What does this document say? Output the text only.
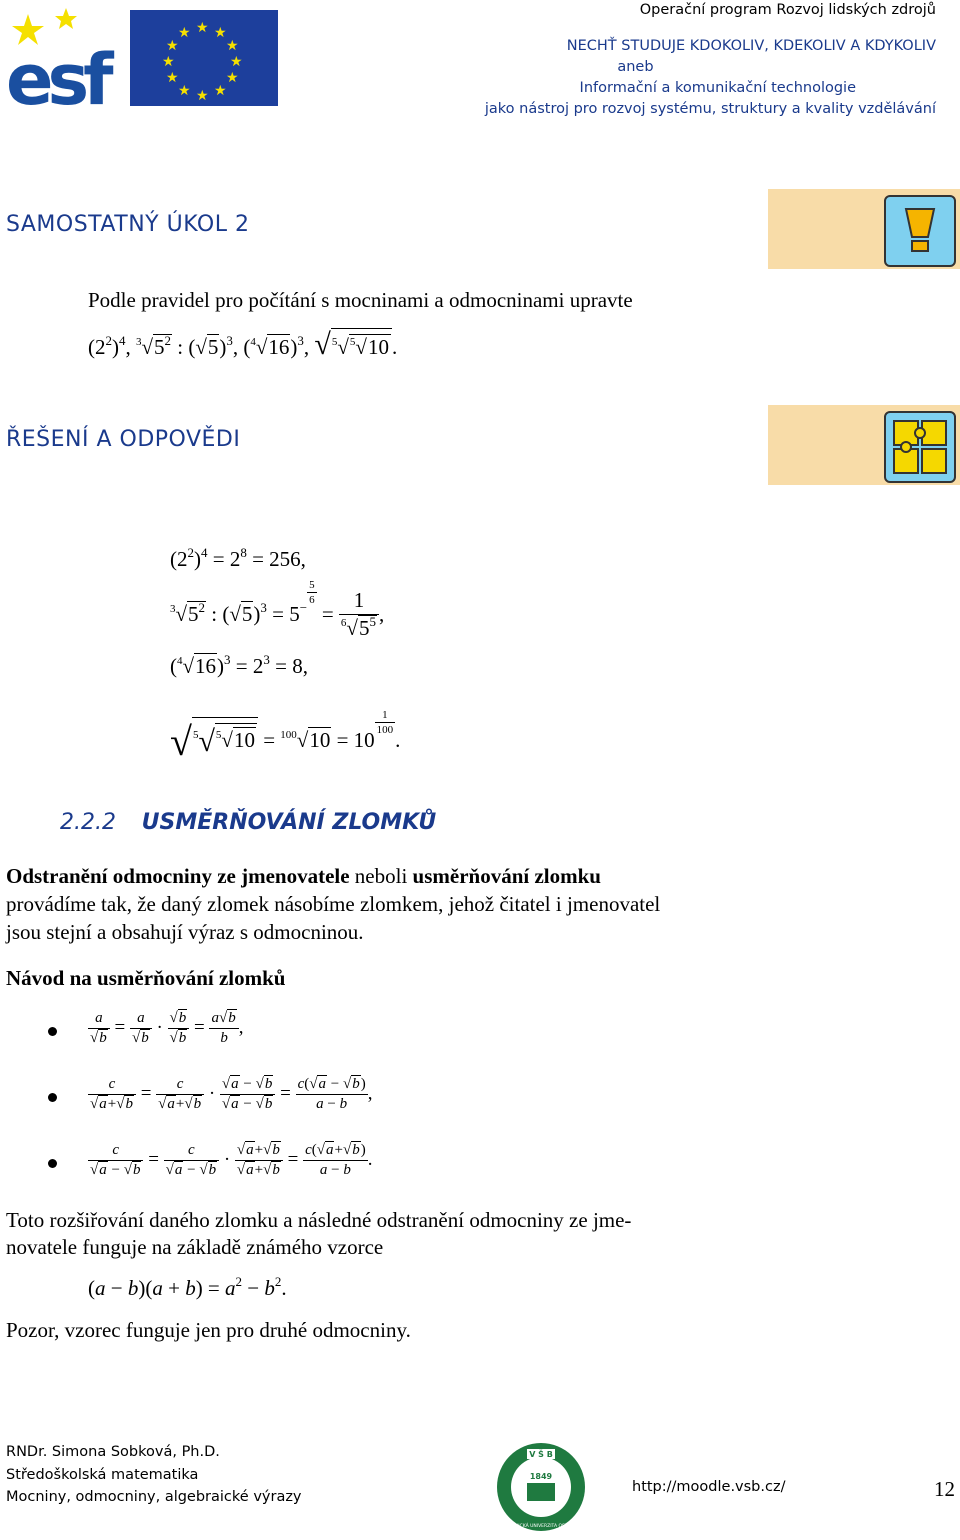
esf
★ ★
★
★
★
★
★
★
★
★
★
★
Operační program Rozvoj lidských zdrojů
NECHŤ STUDUJE KDOKOLIV, KDEKOLIV A KDYKOLIV
aneb
Informační a komunikační technologie
jako nástroj pro rozvoj systému, struktury a kvality vzdělávání
SAMOSTATNÝ ÚKOL 2
Podle pravidel pro počítání s mocninami a odmocninami upravte
$(2^2)^4$, $^3√5^2$ : $(√5)^3$, $(^4√16)^3$, √$^5$√$^5$√10 .
ŘEŠENÍ A ODPOVĚDI
$(2^2)^4 = 2^8 = 256$,
$^3√5^2$ : $(√5)^3 = 5^{- \frac{5}{6}}$
= $\frac{1}{^6√5^5}$ ,
$(^4√16)^3 = 2^3 = 8$,
√$^5$√$^5$√10 = $^{100}$√10 = 10
$^{\frac{1}{100}}$
.
2.2.2 USMĚRŇOVÁNÍ ZLOMKŮ
Odstranění odmocniny ze jmenovatele neboli usměrňování zlomku
provádíme tak, že daný zlomek násobíme zlomkem, jehož čitatel i jmenovatel
jsou stejní a obsahují výraz s odmocninou.
Návod na usměrňování zlomků
$\frac{a}{√b} = \frac{a}{√b} \cdot \frac{√b}{√b} = \frac{a√b}{b}$ ,
$\frac{c}{√a+√b} = \frac{c}{√a+√b} \cdot \frac{√a - √b}{√a - √b} = \frac{c(√a - √b)}{a - b}$ ,
$\frac{c}{√a - √b} = \frac{c}{√a - √b} \cdot \frac{√a+√b}{√a+√b} = \frac{c(√a+√b)}{a - b}$ .
Toto rozšiřování daného zlomku a následné odstranění odmocniny ze jme-
novatele funguje na základě známého vzorce
$(a - b)(a + b) = a^2 - b^2$.
Pozor, vzorec funguje jen pro druhé odmocniny.
RNDr. Simona Sobková, Ph.D.
Středoškolská matematika
Mocniny, odmocniny, algebraické výrazy
V Š B
1849
TECHNICKÁ UNIVERZITA OSTRAVA
http://moodle.vsb.cz/	12
